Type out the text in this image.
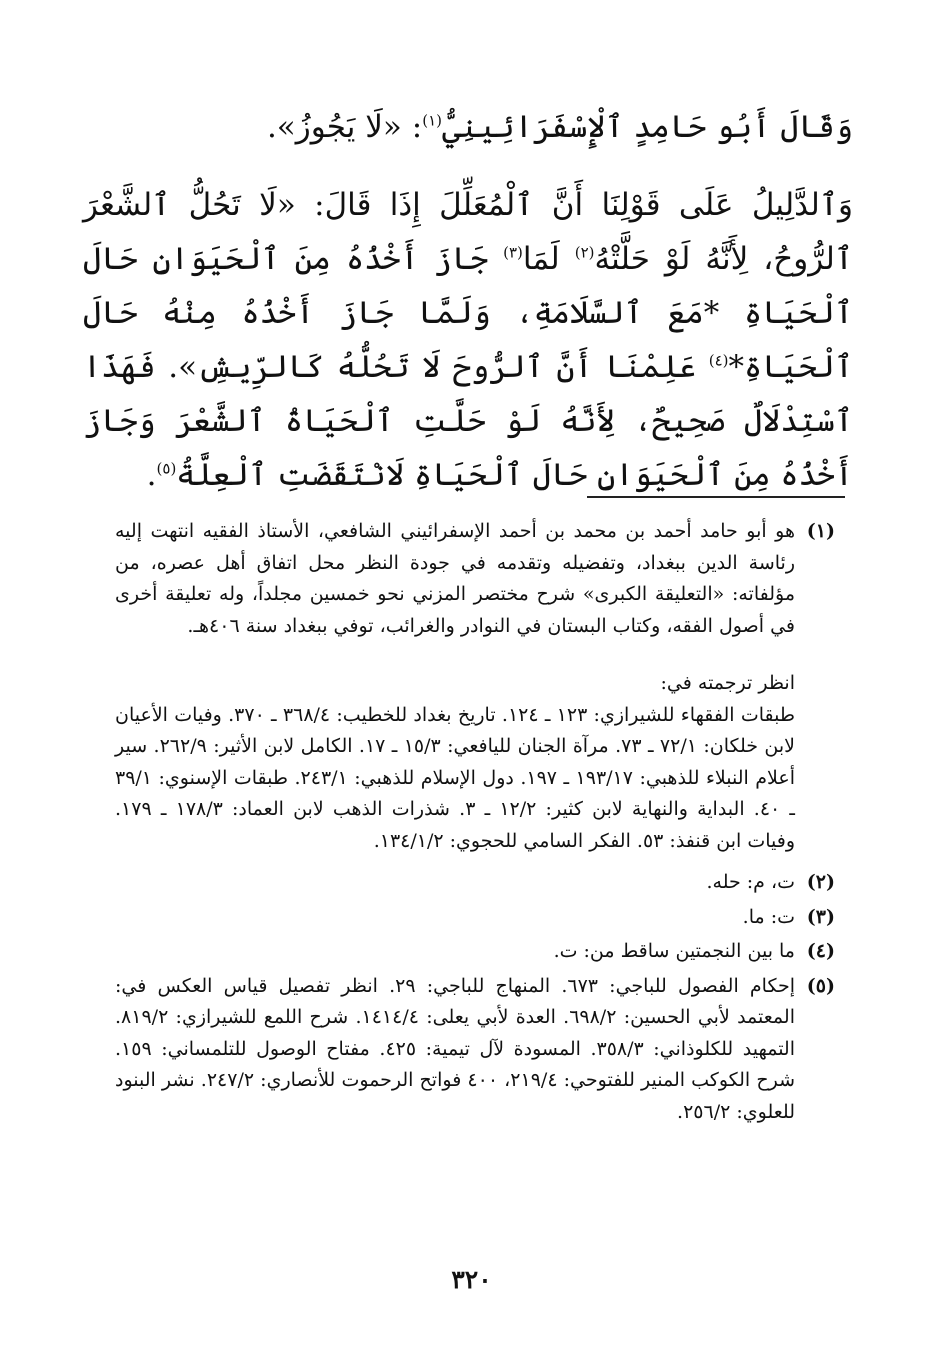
وَقَالَ أَبُو حَامِدٍ ٱلْإِسْفَرَائِينِيُّ$^{(١)}$: «لَا يَجُوزُ».

وَٱلدَّلِيلُ عَلَى قَوْلِنَا أَنَّ ٱلْمُعَلِّلَ إِذَا قَالَ: «لَا تَحُلُّ ٱلشَّعْرَ ٱلرُّوحُ، لِأَنَّهُ لَوْ حَلَّتْهُ$^{(٢)}$ لَمَا$^{(٣)}$ جَازَ أَخْذُهُ مِنَ ٱلْحَيَوَانِ حَالَ ٱلْحَيَاةِ *مَعَ ٱلسَّلَامَةِ، وَلَمَّا جَازَ أَخْذُهُ مِنْهُ حَالَ ٱلْحَيَاةِ*$^{(٤)}$ عَلِمْنَا أَنَّ ٱلرُّوحَ لَا تَحُلُّهُ كَالرِّيشِ». فَهَذَا ٱسْتِدْلَالٌ صَحِيحٌ، لِأَنَّهُ لَوْ حَلَّتِ ٱلْحَيَاةُ ٱلشَّعْرَ وَجَازَ أَخْذُهُ مِنَ ٱلْحَيَوَانِ حَالَ ٱلْحَيَاةِ لَانْتَقَضَتِ ٱلْعِلَّةُ$^{(٥)}$.

(١)

هو أبو حامد أحمد بن محمد بن أحمد الإسفرائيني الشافعي، الأستاذ الفقيه انتهت إليه رئاسة الدين ببغداد، وتفضيله وتقدمه في جودة النظر محل اتفاق أهل عصره، من مؤلفاته: «التعليقة الكبرى» شرح مختصر المزني نحو خمسين مجلداً، وله تعليقة أخرى في أصول الفقه، وكتاب البستان في النوادر والغرائب، توفي ببغداد سنة ٤٠٦هـ.

انظر ترجمته في:

طبقات الفقهاء للشيرازي: ١٢٣ ـ ١٢٤. تاريخ بغداد للخطيب: ٣٦٨/٤ ـ ٣٧٠. وفيات الأعيان لابن خلكان: ٧٢/١ ـ ٧٣. مرآة الجنان لليافعي: ١٥/٣ ـ ١٧. الكامل لابن الأثير: ٢٦٢/٩. سير أعلام النبلاء للذهبي: ١٩٣/١٧ ـ ١٩٧. دول الإسلام للذهبي: ٢٤٣/١. طبقات الإسنوي: ٣٩/١ ـ ٤٠. البداية والنهاية لابن كثير: ١٢/٢ ـ ٣. شذرات الذهب لابن العماد: ١٧٨/٣ ـ ١٧٩. وفيات ابن قنفذ: ٥٣. الفكر السامي للحجوي: ١٣٤/١/٢.

(٢)
ت، م: حله.
(٣)
ت: ما.
(٤)
ما بين النجمتين ساقط من: ت.
(٥)
إحكام الفصول للباجي: ٦٧٣. المنهاج للباجي: ٢٩. انظر تفصيل قياس العكس في: المعتمد لأبي الحسين: ٦٩٨/٢. العدة لأبي يعلى: ١٤١٤/٤. شرح اللمع للشيرازي: ٨١٩/٢. التمهيد للكلوذاني: ٣٥٨/٣. المسودة لآل تيمية: ٤٢٥. مفتاح الوصول للتلمساني: ١٥٩. شرح الكوكب المنير للفتوحي: ٢١٩/٤، ٤٠٠ فواتح الرحموت للأنصاري: ٢٤٧/٢. نشر البنود للعلوي: ٢٥٦/٢.
٣٢٠
